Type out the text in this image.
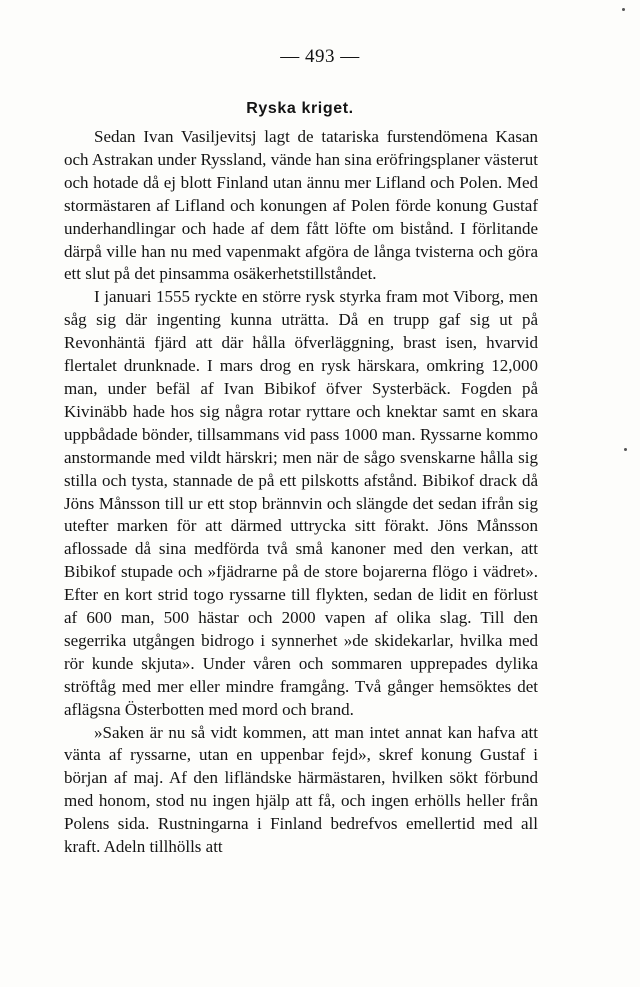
— 493 —
Ryska kriget.

Sedan Ivan Vasiljevitsj lagt de tatariska furstendömena Kasan och Astrakan under Ryssland, vände han sina eröfringsplaner västerut och hotade då ej blott Finland utan ännu mer Lifland och Polen. Med stormästaren af Lifland och konungen af Polen förde konung Gustaf underhandlingar och hade af dem fått löfte om bistånd. I förlitande därpå ville han nu med vapenmakt afgöra de långa tvisterna och göra ett slut på det pinsamma osäkerhetstillståndet.

I januari 1555 ryckte en större rysk styrka fram mot Viborg, men såg sig där ingenting kunna uträtta. Då en trupp gaf sig ut på Revonhäntä fjärd att där hålla öfverläggning, brast isen, hvarvid flertalet drunknade. I mars drog en rysk härskara, omkring 12,000 man, under befäl af Ivan Bibikof öfver Systerbäck. Fogden på Kivinäbb hade hos sig några rotar ryttare och knektar samt en skara uppbådade bönder, tillsammans vid pass 1000 man. Ryssarne kommo anstormande med vildt härskri; men när de sågo svenskarne hålla sig stilla och tysta, stannade de på ett pilskotts afstånd. Bibikof drack då Jöns Månsson till ur ett stop brännvin och slängde det sedan ifrån sig utefter marken för att därmed uttrycka sitt förakt. Jöns Månsson aflossade då sina medförda två små kanoner med den verkan, att Bibikof stupade och »fjädrarne på de store bojarerna flögo i vädret». Efter en kort strid togo ryssarne till flykten, sedan de lidit en förlust af 600 man, 500 hästar och 2000 vapen af olika slag. Till den segerrika utgången bidrogo i synnerhet »de skidekarlar, hvilka med rör kunde skjuta». Under våren och sommaren upprepades dylika ströftåg med mer eller mindre framgång. Två gånger hemsöktes det aflägsna Österbotten med mord och brand.

»Saken är nu så vidt kommen, att man intet annat kan hafva att vänta af ryssarne, utan en uppenbar fejd», skref konung Gustaf i början af maj. Af den lifländske härmästaren, hvilken sökt förbund med honom, stod nu ingen hjälp att få, och ingen erhölls heller från Polens sida. Rustningarna i Finland bedrefvos emellertid med all kraft. Adeln tillhölls att
